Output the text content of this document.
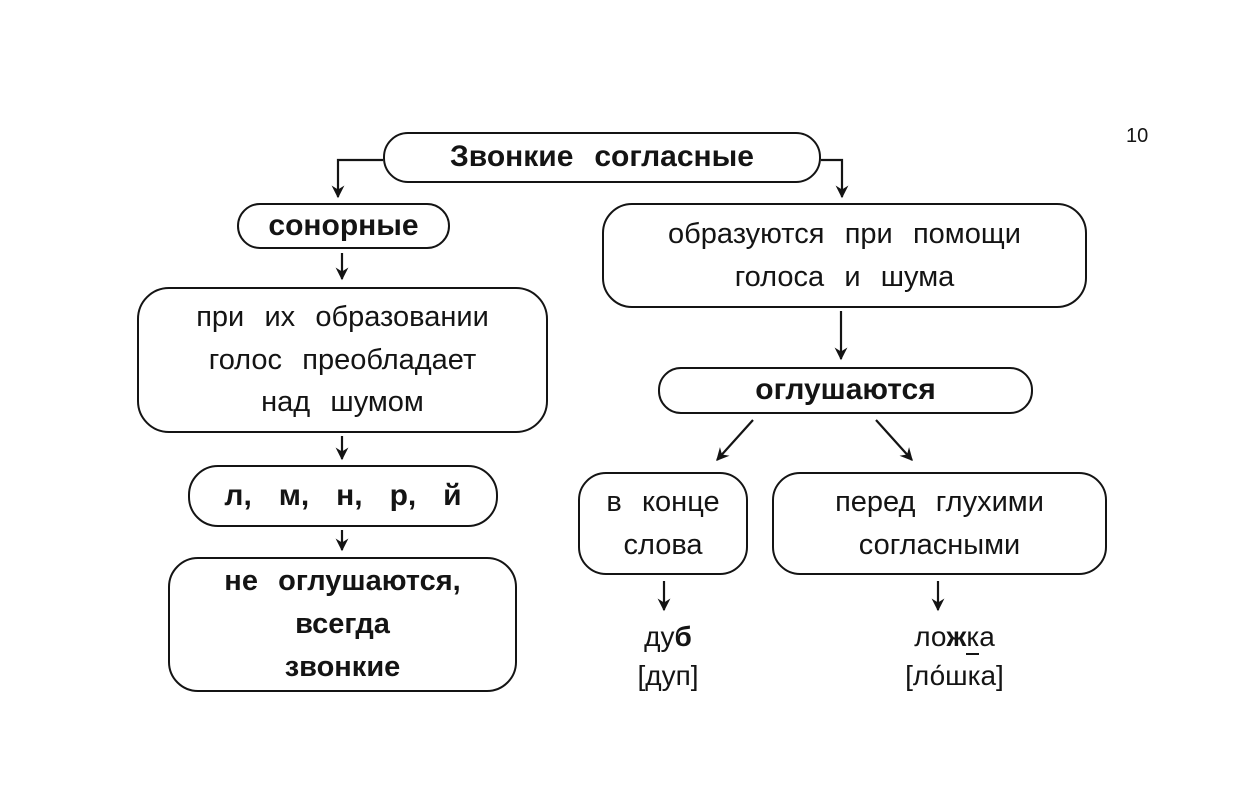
10
Звонкие согласные
сонорные
при их образовании
голос преобладает
над шумом
л, м, н, р, й
не оглушаются,
всегда
звонкие
образуются при помощи
голоса и шума
оглушаются
в конце
слова
перед глухими
согласными
дуб
[дуп]
ложка
[ло́шка]
